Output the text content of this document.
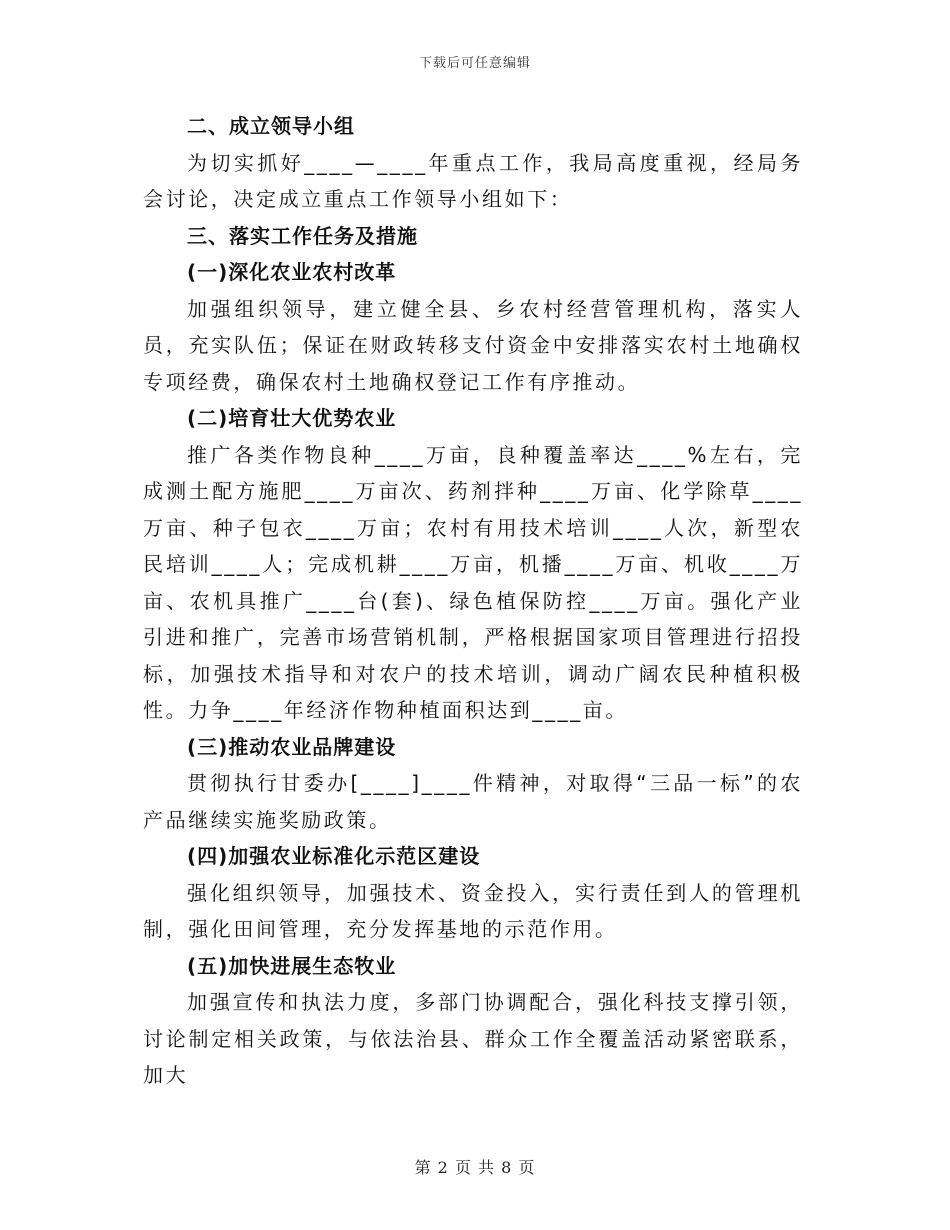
下载后可任意编辑
二、成立领导小组

为切实抓好____—____年重点工作，我局高度重视，经局务会讨论，决定成立重点工作领导小组如下：

三、落实工作任务及措施
(一)深化农业农村改革

加强组织领导，建立健全县、乡农村经营管理机构，落实人员，充实队伍；保证在财政转移支付资金中安排落实农村土地确权专项经费，确保农村土地确权登记工作有序推动。

(二)培育壮大优势农业

推广各类作物良种____万亩，良种覆盖率达____%左右，完成测土配方施肥____万亩次、药剂拌种____万亩、化学除草____万亩、种子包衣____万亩；农村有用技术培训____人次，新型农民培训____人；完成机耕____万亩，机播____万亩、机收____万亩、农机具推广____台(套)、绿色植保防控____万亩。强化产业引进和推广，完善市场营销机制，严格根据国家项目管理进行招投标，加强技术指导和对农户的技术培训，调动广阔农民种植积极性。力争____年经济作物种植面积达到____亩。

(三)推动农业品牌建设

贯彻执行甘委办[____]____件精神，对取得“三品一标”的农产品继续实施奖励政策。

(四)加强农业标准化示范区建设

强化组织领导，加强技术、资金投入，实行责任到人的管理机制，强化田间管理，充分发挥基地的示范作用。

(五)加快进展生态牧业

加强宣传和执法力度，多部门协调配合，强化科技支撑引领，讨论制定相关政策，与依法治县、群众工作全覆盖活动紧密联系，加大

第 2 页 共 8 页
